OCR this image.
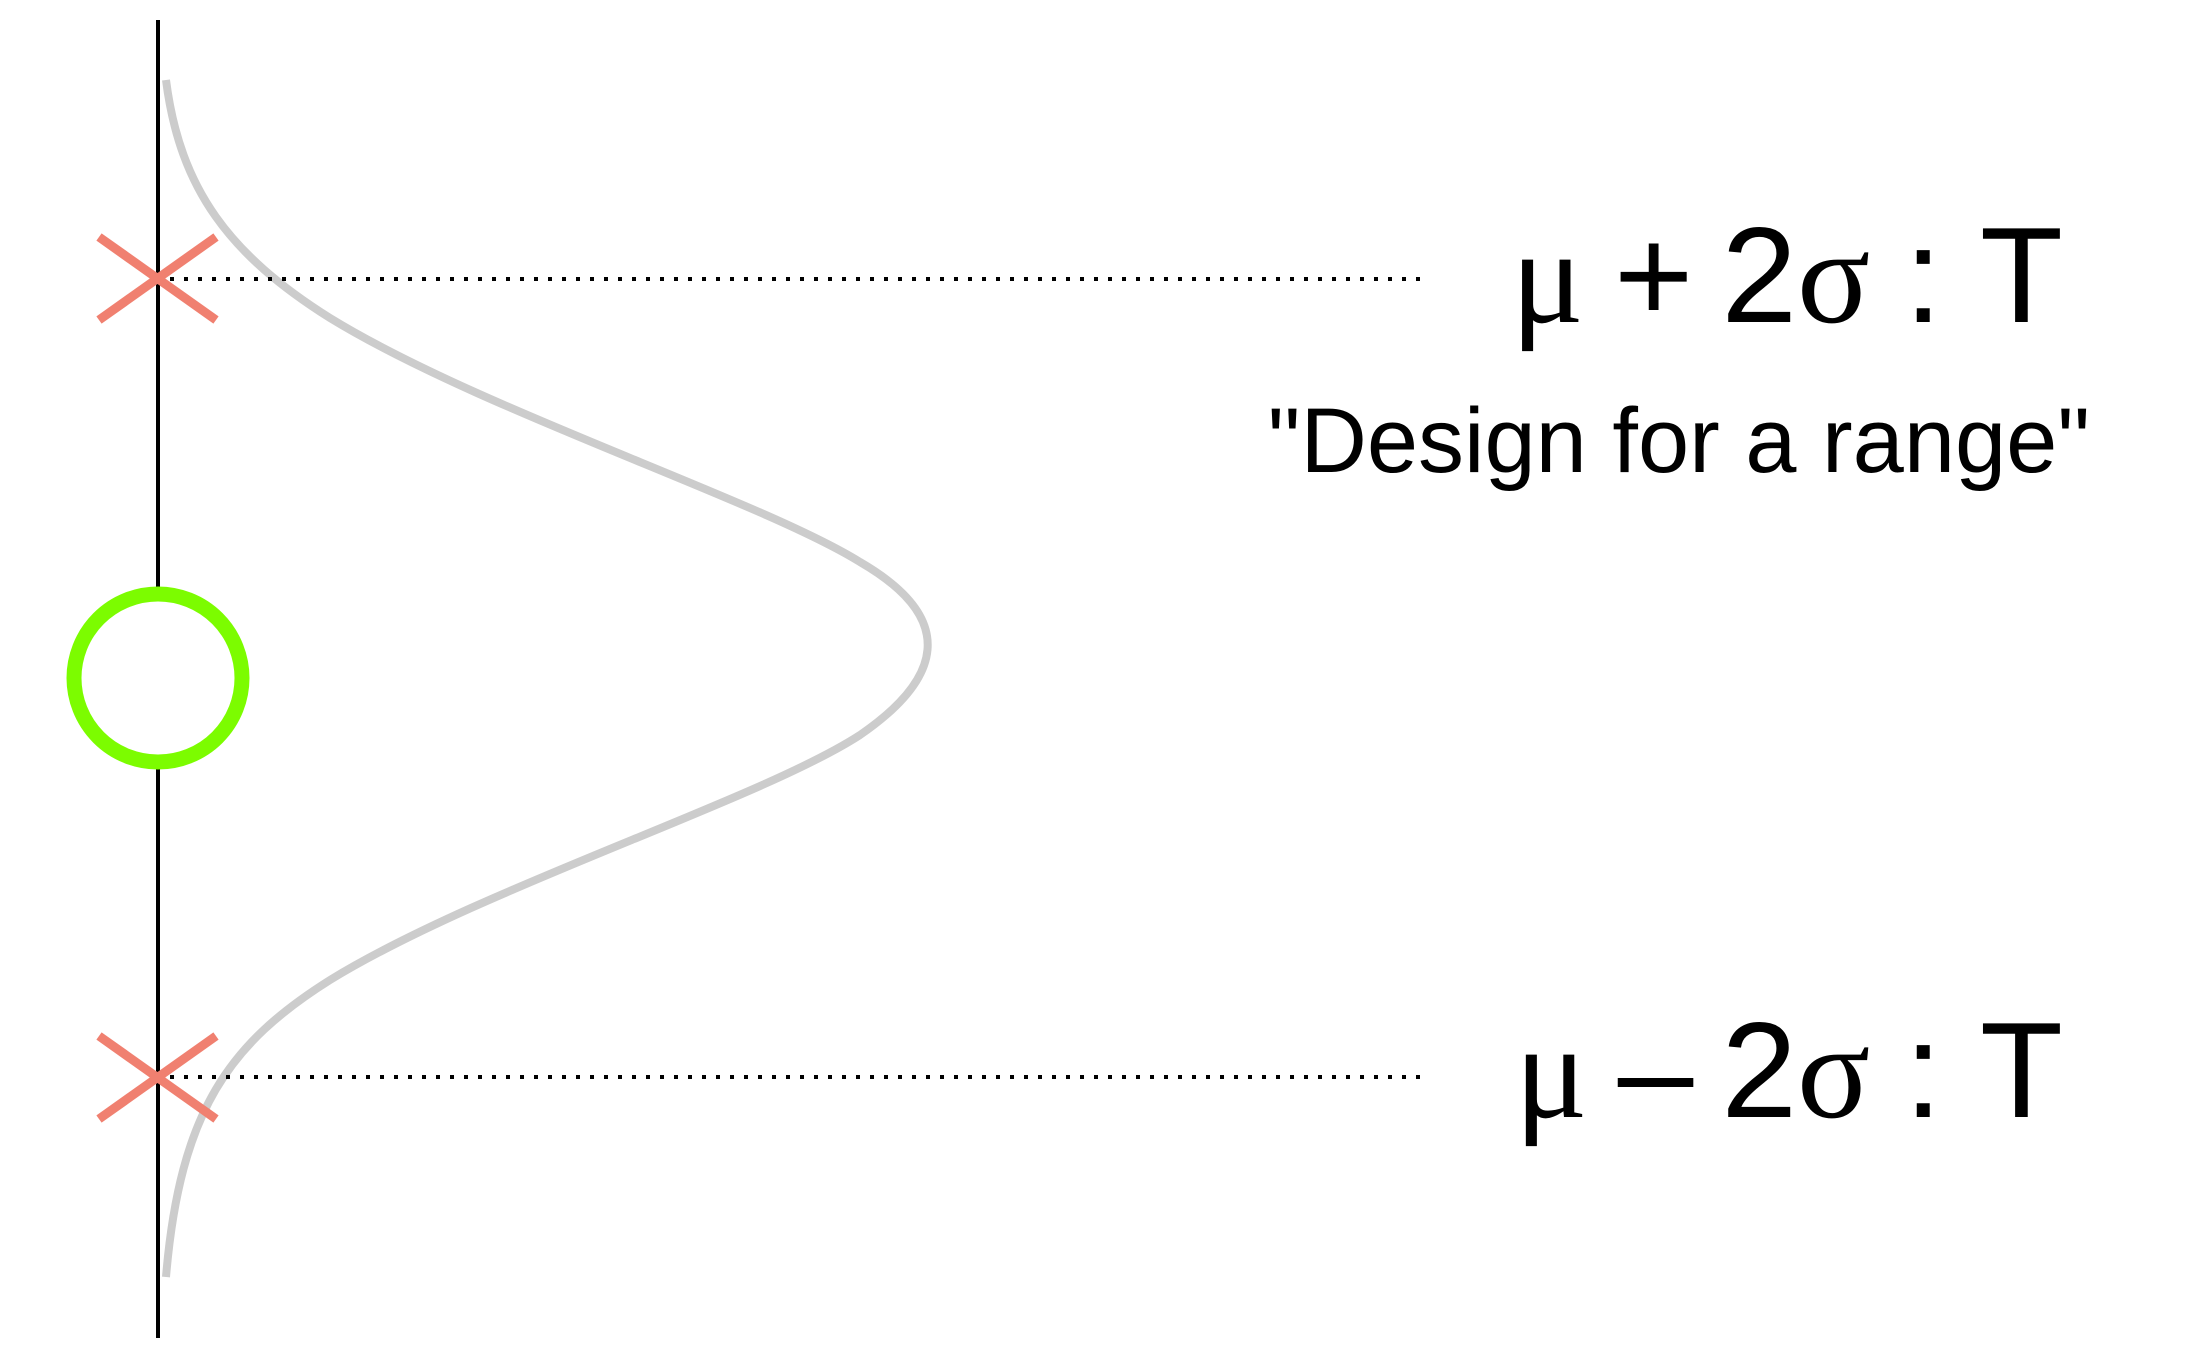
μ + 2σ : T
"Design for a range"
μ – 2σ : T
